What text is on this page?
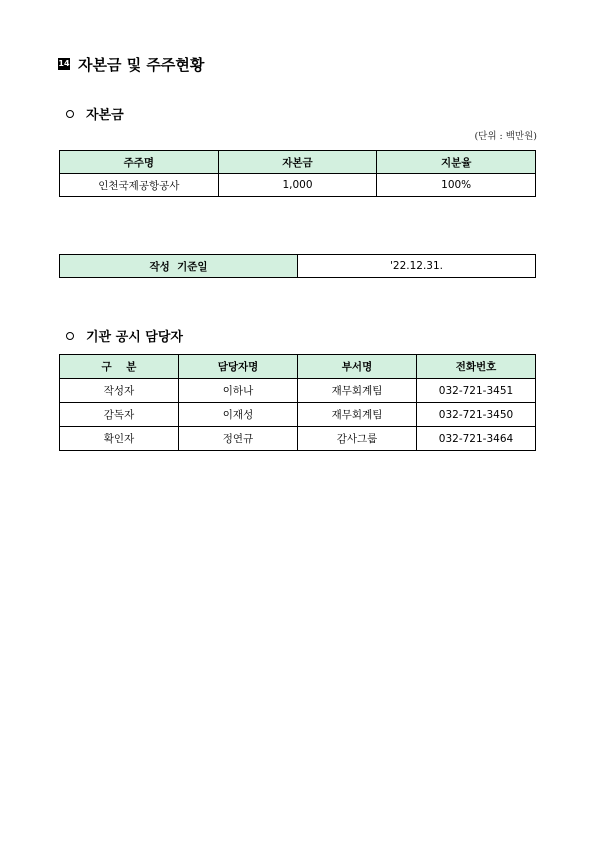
14 자본금 및 주주현황
자본금
(단위 : 백만원)
주주명	자본금	지분율
인천국제공항공사	1,000	100%
작성  기준일	'22.12.31.
기관 공시 담당자
구    분	담당자명	부서명	전화번호
작성자	이하나	재무회계팀	032-721-3451
감독자	이재성	재무회계팀	032-721-3450
확인자	정연규	감사그룹	032-721-3464
